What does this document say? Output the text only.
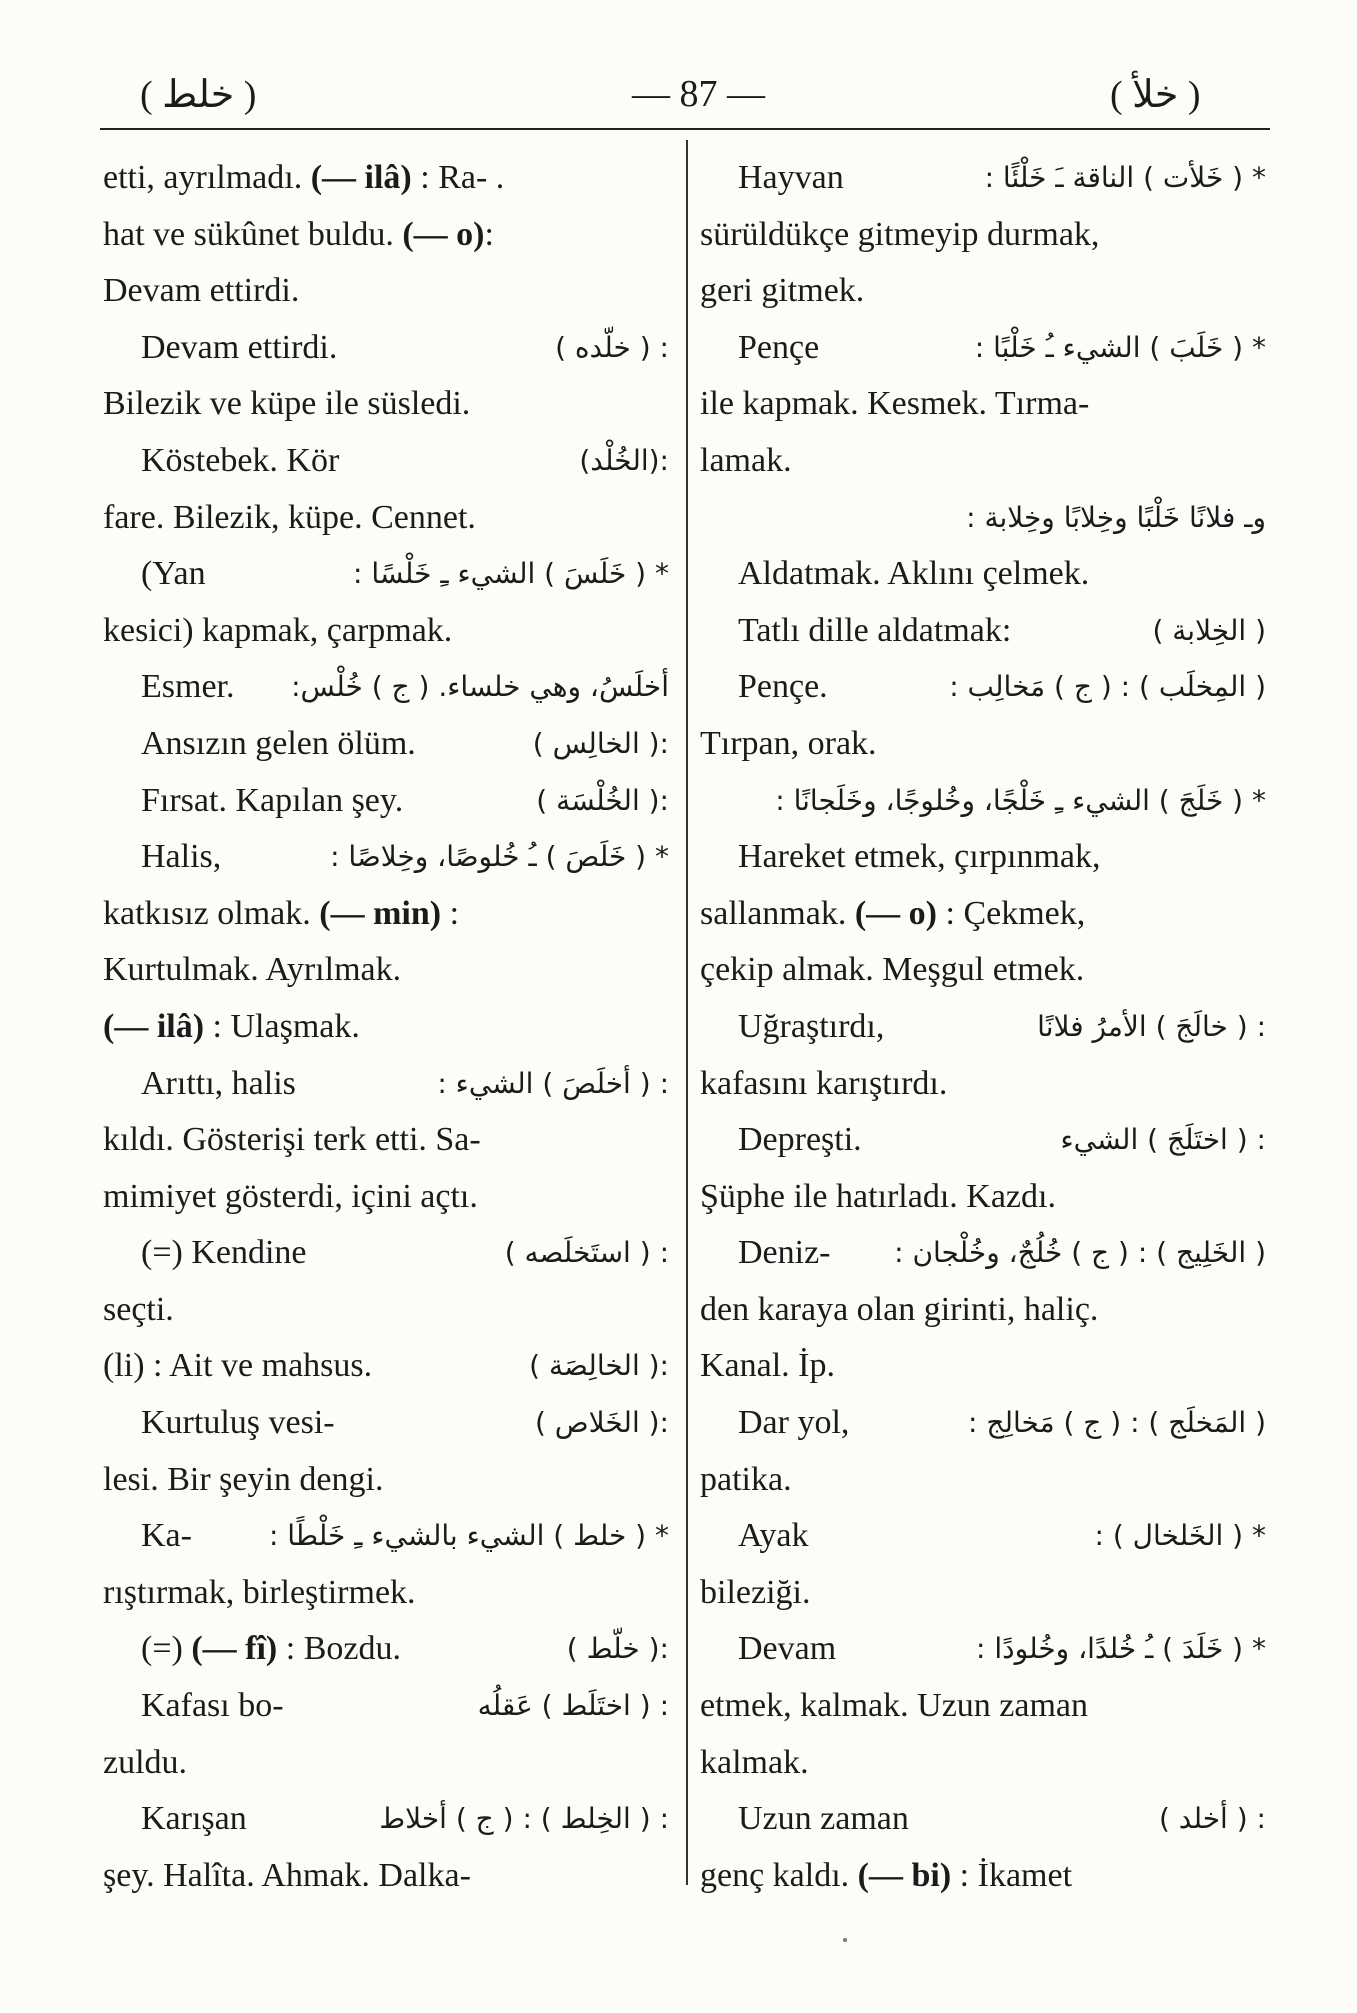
( خلط )	— 87 —	( خلأ )
etti, ayrılmadı. (— ilâ) : Ra- .
hat ve sükûnet buldu. (— o):
Devam ettirdi.
Devam ettirdi.	: ( خلّده )
Bilezik ve küpe ile süsledi.
Köstebek. Kör	:(الخُلْد)
fare. Bilezik, küpe. Cennet.
(Yan	* ( خَلَسَ ) الشيء ـِ خَلْسًا :
kesici) kapmak, çarpmak.
Esmer. أخلَسُ، وهي خلساء. ( ج ) خُلْس:
Ansızın gelen ölüm.	:( الخالِس )
Fırsat. Kapılan şey.	:( الخُلْسَة )
Halis,	* ( خَلَصَ ) ـُ خُلوصًا، وخِلاصًا :
katkısız olmak. (— min) :
Kurtulmak. Ayrılmak.
(— ilâ) : Ulaşmak.
Arıttı, halis	: ( أخلَصَ ) الشيء :
kıldı. Gösterişi terk etti. Sa-
mimiyet gösterdi, içini açtı.
(=) Kendine	: ( استَخلَصه )
seçti.
(li) : Ait ve mahsus.	:( الخالِصَة )
Kurtuluş vesi-	:( الخَلاص )
lesi. Bir şeyin dengi.
Ka-	* ( خلط ) الشيء بالشيء ـِ خَلْطًا :
rıştırmak, birleştirmek.
(=) (— fî) : Bozdu.	:( خلّط )
Kafası bo-	: ( اختَلَط ) عَقلُه
zuldu.
Karışan	: ( الخِلط ) : ( ج ) أخلاط
şey. Halîta. Ahmak. Dalka-
Hayvan	* ( خَلأت ) الناقة ـَ خَلْئًا :
sürüldükçe gitmeyip durmak,
geri gitmek.
Pençe	* ( خَلَبَ ) الشيء ـُ خَلْبًا :
ile kapmak. Kesmek. Tırma-
lamak.
وـ فلانًا خَلْبًا وخِلابًا وخِلابة :
Aldatmak. Aklını çelmek.
Tatlı dille aldatmak:	( الخِلابة )
Pençe.	( المِخلَب ) : ( ج ) مَخالِب :
Tırpan, orak.
* ( خَلَجَ ) الشيء ـِ خَلْجًا، وخُلوجًا، وخَلَجانًا :
Hareket etmek, çırpınmak,
sallanmak. (— o) : Çekmek,
çekip almak. Meşgul etmek.
Uğraştırdı,	: ( خالَجَ ) الأمرُ فلانًا
kafasını karıştırdı.
Depreşti.	: ( اختَلَجَ ) الشيء
Şüphe ile hatırladı. Kazdı.
Deniz- ( الخَلِيج ) : ( ج ) خُلُجٌ، وخُلْجان :
den karaya olan girinti, haliç.
Kanal. İp.
Dar yol,	( المَخلَج ) : ( ج ) مَخالِج :
patika.
Ayak	* ( الخَلخال ) :
bileziği.
Devam	* ( خَلَدَ ) ـُ خُلدًا، وخُلودًا :
etmek, kalmak. Uzun zaman
kalmak.
Uzun zaman	: ( أخلد )
genç kaldı. (— bi) : İkamet
